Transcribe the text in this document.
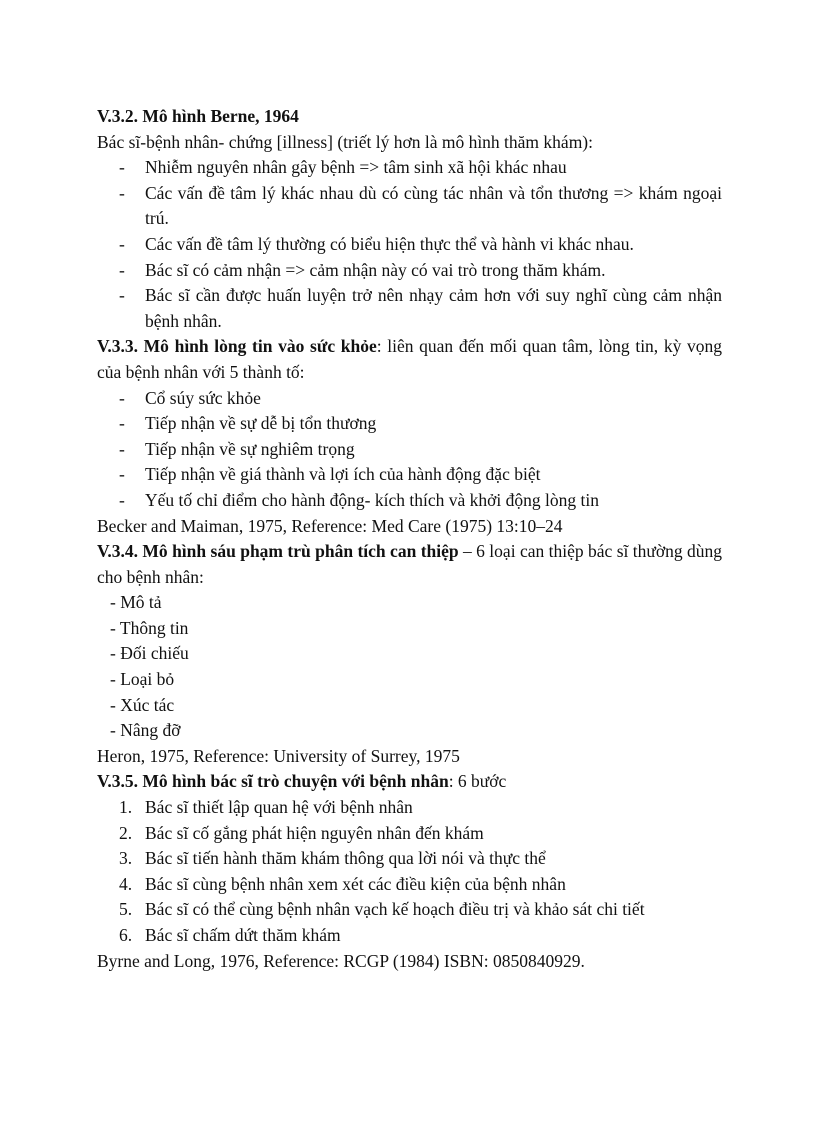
V.3.2. Mô hình Berne, 1964

Bác sĩ-bệnh nhân- chứng [illness] (triết lý hơn là mô hình thăm khám):

- Nhiễm nguyên nhân gây bệnh => tâm sinh xã hội khác nhau

- Các vấn đề tâm lý khác nhau dù có cùng tác nhân và tổn thương => khám ngoại trú.

- Các vấn đề tâm lý thường có biểu hiện thực thể và hành vi khác nhau.

- Bác sĩ có cảm nhận => cảm nhận này có vai trò trong thăm khám.

- Bác sĩ cần được huấn luyện trở nên nhạy cảm hơn với suy nghĩ cùng cảm nhận bệnh nhân.

V.3.3. Mô hình lòng tin vào sức khỏe: liên quan đến mối quan tâm, lòng tin, kỳ vọng của bệnh nhân với 5 thành tố:

- Cổ súy sức khỏe

- Tiếp nhận về sự dễ bị tổn thương

- Tiếp nhận về sự nghiêm trọng

- Tiếp nhận về giá thành và lợi ích của hành động đặc biệt

- Yếu tố chỉ điểm cho hành động- kích thích và khởi động lòng tin

Becker and Maiman, 1975, Reference: Med Care (1975) 13:10–24

V.3.4. Mô hình sáu phạm trù phân tích can thiệp – 6 loại can thiệp bác sĩ thường dùng cho bệnh nhân:

- Mô tả

- Thông tin

- Đối chiếu

- Loại bỏ

- Xúc tác

- Nâng đỡ

Heron, 1975, Reference: University of Surrey, 1975

V.3.5. Mô hình bác sĩ trò chuyện với bệnh nhân: 6 bước

1. Bác sĩ thiết lập quan hệ với bệnh nhân

2. Bác sĩ cố gắng phát hiện nguyên nhân đến khám

3. Bác sĩ tiến hành thăm khám thông qua lời nói và thực thể

4. Bác sĩ cùng bệnh nhân xem xét các điều kiện của bệnh nhân

5. Bác sĩ có thể cùng bệnh nhân vạch kế hoạch điều trị và khảo sát chi tiết

6. Bác sĩ chấm dứt thăm khám

Byrne and Long, 1976, Reference: RCGP (1984) ISBN: 0850840929.
